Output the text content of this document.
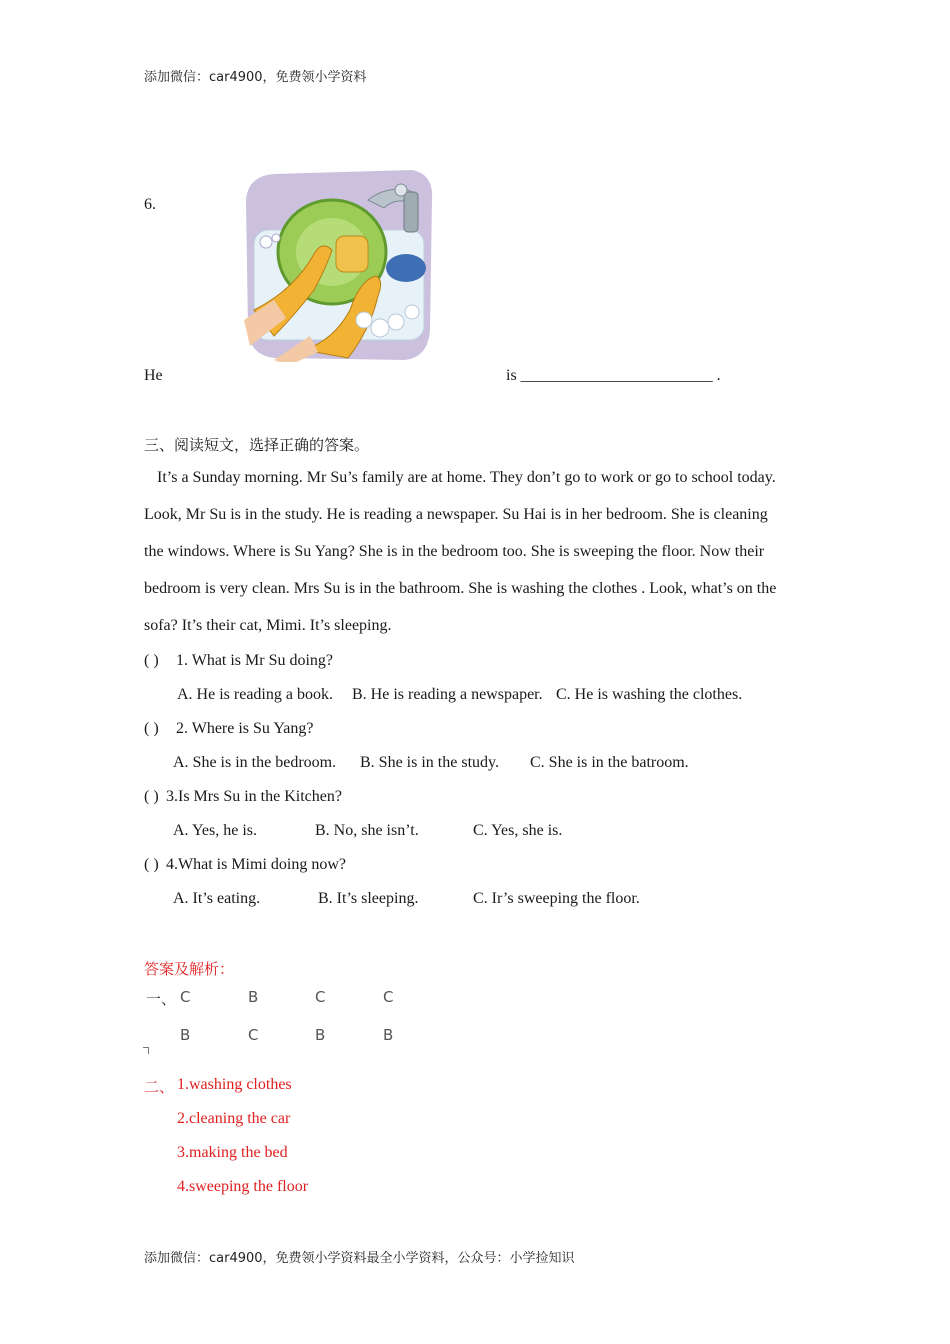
添加微信：car4900，免费领小学资料
6.
He	is ________________________ .
三、阅读短文，选择正确的答案。
It’s a Sunday morning. Mr Su’s family are at home. They don’t go to work or go to school today.
Look, Mr Su is in the study. He is reading a newspaper. Su Hai is in her bedroom. She is cleaning
the windows. Where is Su Yang? She is in the bedroom too. She is sweeping the floor. Now their
bedroom is very clean. Mrs Su is in the bathroom. She is washing the clothes . Look, what’s on the
sofa? It’s their cat, Mimi. It’s sleeping.
( ) 1. What is Mr Su doing?
A. He is reading a book. B. He is reading a newspaper. C. He is washing the clothes.
( ) 2. Where is Su Yang?
A. She is in the bedroom. B. She is in the study. C. She is in the batroom.
( ) 3.Is Mrs Su in the Kitchen?
A. Yes, he is.	B. No, she isn’t.	C. Yes, she is.
( ) 4.What is Mimi doing now?
A. It’s eating.	B. It’s sleeping.	C. Ir’s sweeping the floor.
答案及解析：
一、 C	B	C	C
B	C	B	B
二、 1.washing clothes
2.cleaning the car
3.making the bed
4.sweeping the floor
添加微信：car4900，免费领小学资料最全小学资料，公众号：小学捡知识
